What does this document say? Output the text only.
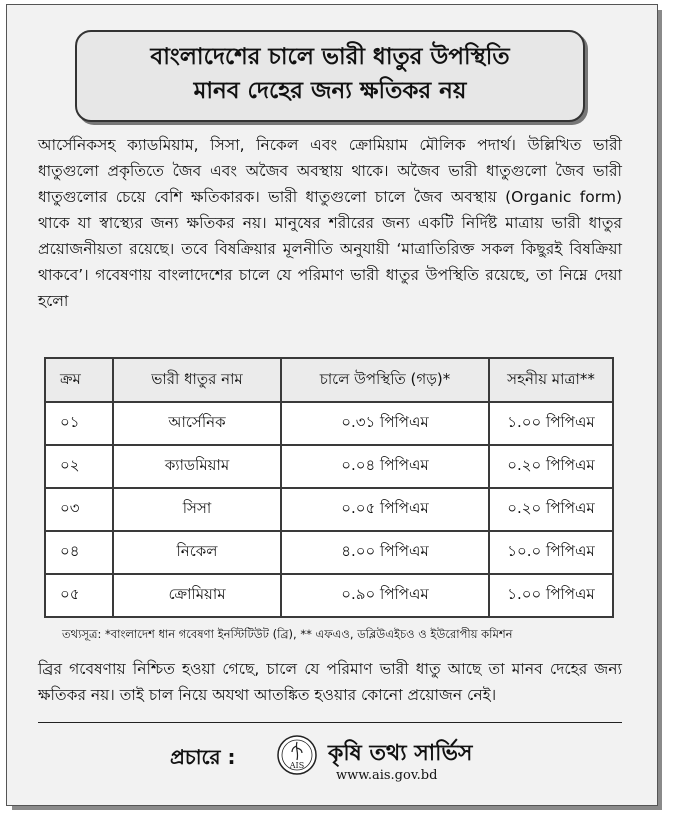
বাংলাদেশের চালে ভারী ধাতুর উপস্থিতি
মানব দেহের জন্য ক্ষতিকর নয়
আর্সেনিকসহ ক্যাডমিয়াম, সিসা, নিকেল এবং ক্রোমিয়াম মৌলিক পদার্থ। উল্লিখিত ভারী ধাতুগুলো প্রকৃতিতে জৈব এবং অজৈব অবস্থায় থাকে। অজৈব ভারী ধাতুগুলো জৈব ভারী ধাতুগুলোর চেয়ে বেশি ক্ষতিকারক। ভারী ধাতুগুলো চালে জৈব অবস্থায় (Organic form) থাকে যা স্বাস্থ্যের জন্য ক্ষতিকর নয়। মানুষের শরীরের জন্য একটি নির্দিষ্ট মাত্রায় ভারী ধাতুর প্রয়োজনীয়তা রয়েছে। তবে বিষক্রিয়ার মূলনীতি অনুযায়ী ‘মাত্রাতিরিক্ত সকল কিছুরই বিষক্রিয়া থাকবে’। গবেষণায় বাংলাদেশের চালে যে পরিমাণ ভারী ধাতুর উপস্থিতি রয়েছে, তা নিম্নে দেয়া হলো
ক্রম	ভারী ধাতুর নাম	চালে উপস্থিতি (গড়)*	সহনীয় মাত্রা**
০১	আর্সেনিক	০.৩১ পিপিএম	১.০০ পিপিএম
০২	ক্যাডমিয়াম	০.০৪ পিপিএম	০.২০ পিপিএম
০৩	সিসা	০.০৫ পিপিএম	০.২০ পিপিএম
০৪	নিকেল	৪.০০ পিপিএম	১০.০ পিপিএম
০৫	ক্রোমিয়াম	০.৯০ পিপিএম	১.০০ পিপিএম
তথ্যসূত্র: *বাংলাদেশ ধান গবেষণা ইনস্টিটিউট (ব্রি), ** এফএও, ডব্লিউএইচও ও ইউরোপীয় কমিশন
ব্রির গবেষণায় নিশ্চিত হওয়া গেছে, চালে যে পরিমাণ ভারী ধাতু আছে তা মানব দেহের জন্য ক্ষতিকর নয়। তাই চাল নিয়ে অযথা আতঙ্কিত হওয়ার কোনো প্রয়োজন নেই।
প্রচারে :	AIS কৃষি তথ্য সার্ভিস
www.ais.gov.bd
